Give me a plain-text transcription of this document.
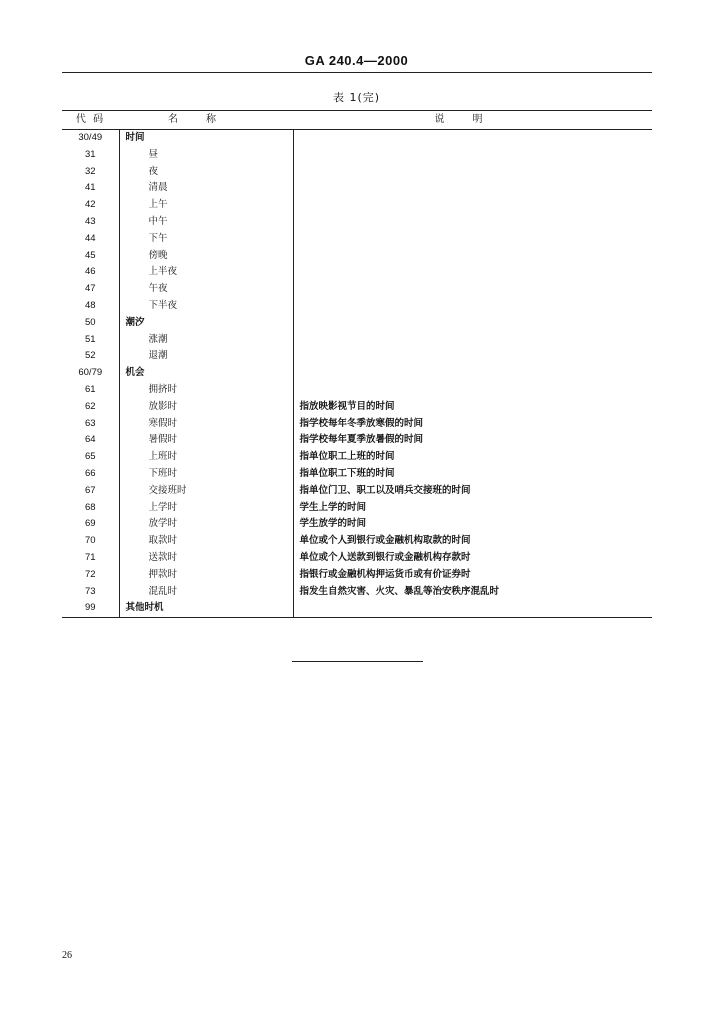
GA 240.4—2000
表 1(完)
代 码	名称	说明
30/49	时间	
31	昼	
32	夜	
41	清晨	
42	上午	
43	中午	
44	下午	
45	傍晚	
46	上半夜	
47	午夜	
48	下半夜	
50	潮汐	
51	涨潮	
52	退潮	
60/79	机会	
61	拥挤时	
62	放影时	指放映影视节目的时间
63	寒假时	指学校每年冬季放寒假的时间
64	暑假时	指学校每年夏季放暑假的时间
65	上班时	指单位职工上班的时间
66	下班时	指单位职工下班的时间
67	交接班时	指单位门卫、职工以及哨兵交接班的时间
68	上学时	学生上学的时间
69	放学时	学生放学的时间
70	取款时	单位或个人到银行或金融机构取款的时间
71	送款时	单位或个人送款到银行或金融机构存款时
72	押款时	指银行或金融机构押运货币或有价证券时
73	混乱时	指发生自然灾害、火灾、暴乱等治安秩序混乱时
99	其他时机	
26
